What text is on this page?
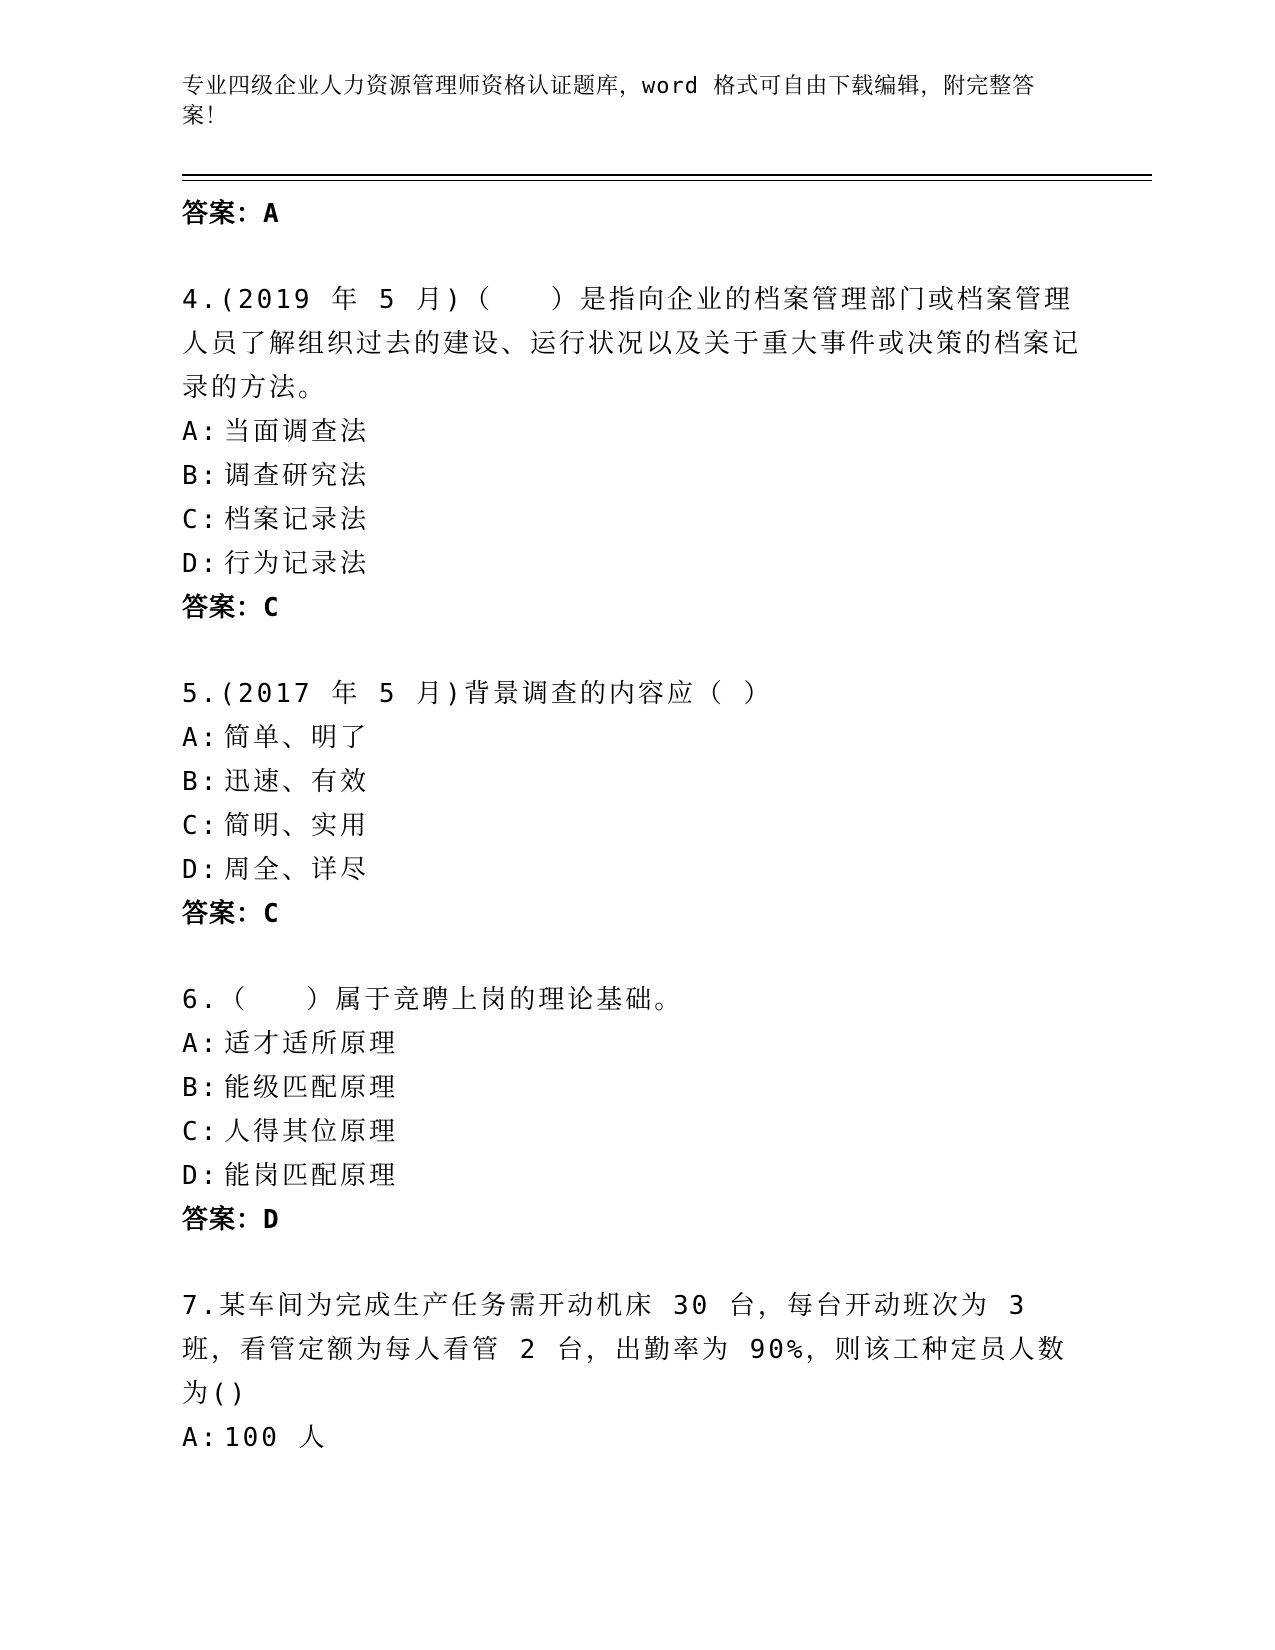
专业四级企业人力资源管理师资格认证题库，word 格式可自由下载编辑，附完整答案！
答案：A
4.(2019 年 5 月)（　　）是指向企业的档案管理部门或档案管理人员了解组织过去的建设、运行状况以及关于重大事件或决策的档案记录的方法。
A: 当面调查法
B: 调查研究法
C: 档案记录法
D: 行为记录法
答案：C
5.(2017 年 5 月)背景调查的内容应（ ）
A: 简单、明了
B: 迅速、有效
C: 简明、实用
D: 周全、详尽
答案：C
6.（　　）属于竞聘上岗的理论基础。
A: 适才适所原理
B: 能级匹配原理
C: 人得其位原理
D: 能岗匹配原理
答案：D
7.某车间为完成生产任务需开动机床 30 台，每台开动班次为 3 班，看管定额为每人看管 2 台，出勤率为 90%，则该工种定员人数为()
A: 100 人
